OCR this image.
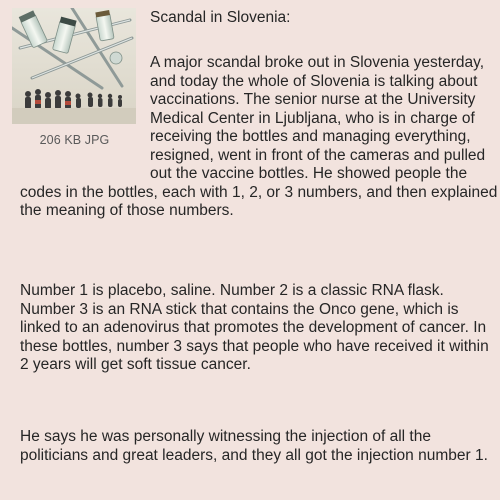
206 KB JPG
Scandal in Slovenia:

A major scandal broke out in Slovenia yesterday, and today the whole of Slovenia is talking about vaccinations. The senior nurse at the University Medical Center in Ljubljana, who is in charge of receiving the bottles and managing everything, resigned, went in front of the cameras and pulled out the vaccine bottles. He showed people the codes in the bottles, each with 1, 2, or 3 numbers, and then explained the meaning of those numbers.

Number 1 is placebo, saline. Number 2 is a classic RNA flask. Number 3 is an RNA stick that contains the Onco gene, which is linked to an adenovirus that promotes the development of cancer. In these bottles, number 3 says that people who have received it within 2 years will get soft tissue cancer.

He says he was personally witnessing the injection of all the politicians and great leaders, and they all got the injection number 1.
